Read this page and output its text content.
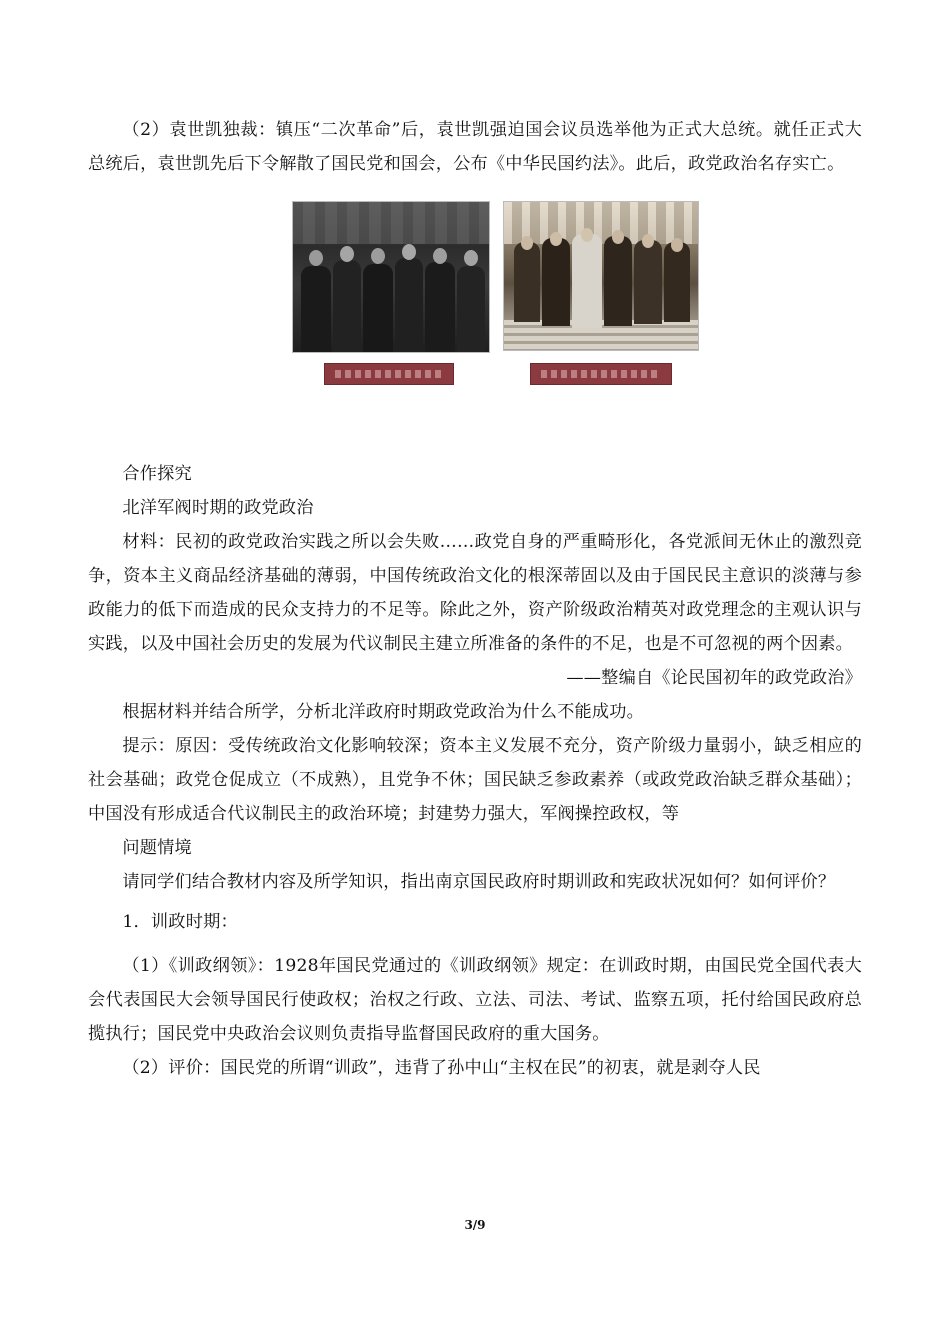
（2）袁世凯独裁：镇压“二次革命”后，袁世凯强迫国会议员选举他为正式大总统。就任正式大总统后，袁世凯先后下令解散了国民党和国会，公布《中华民国约法》。此后，政党政治名存实亡。

合作探究

北洋军阀时期的政党政治

材料：民初的政党政治实践之所以会失败……政党自身的严重畸形化，各党派间无休止的激烈竞争，资本主义商品经济基础的薄弱，中国传统政治文化的根深蒂固以及由于国民民主意识的淡薄与参政能力的低下而造成的民众支持力的不足等。除此之外，资产阶级政治精英对政党理念的主观认识与实践，以及中国社会历史的发展为代议制民主建立所准备的条件的不足，也是不可忽视的两个因素。

——整编自《论民国初年的政党政治》

根据材料并结合所学，分析北洋政府时期政党政治为什么不能成功。

提示：原因：受传统政治文化影响较深；资本主义发展不充分，资产阶级力量弱小，缺乏相应的社会基础；政党仓促成立（不成熟），且党争不休；国民缺乏参政素养（或政党政治缺乏群众基础）；中国没有形成适合代议制民主的政治环境；封建势力强大，军阀操控政权，等

问题情境

请同学们结合教材内容及所学知识，指出南京国民政府时期训政和宪政状况如何？如何评价？

1．训政时期：

（1）《训政纲领》：1928年国民党通过的《训政纲领》规定：在训政时期，由国民党全国代表大会代表国民大会领导国民行使政权；治权之行政、立法、司法、考试、监察五项，托付给国民政府总揽执行；国民党中央政治会议则负责指导监督国民政府的重大国务。

（2）评价：国民党的所谓“训政”，违背了孙中山“主权在民”的初衷，就是剥夺人民

3/9
